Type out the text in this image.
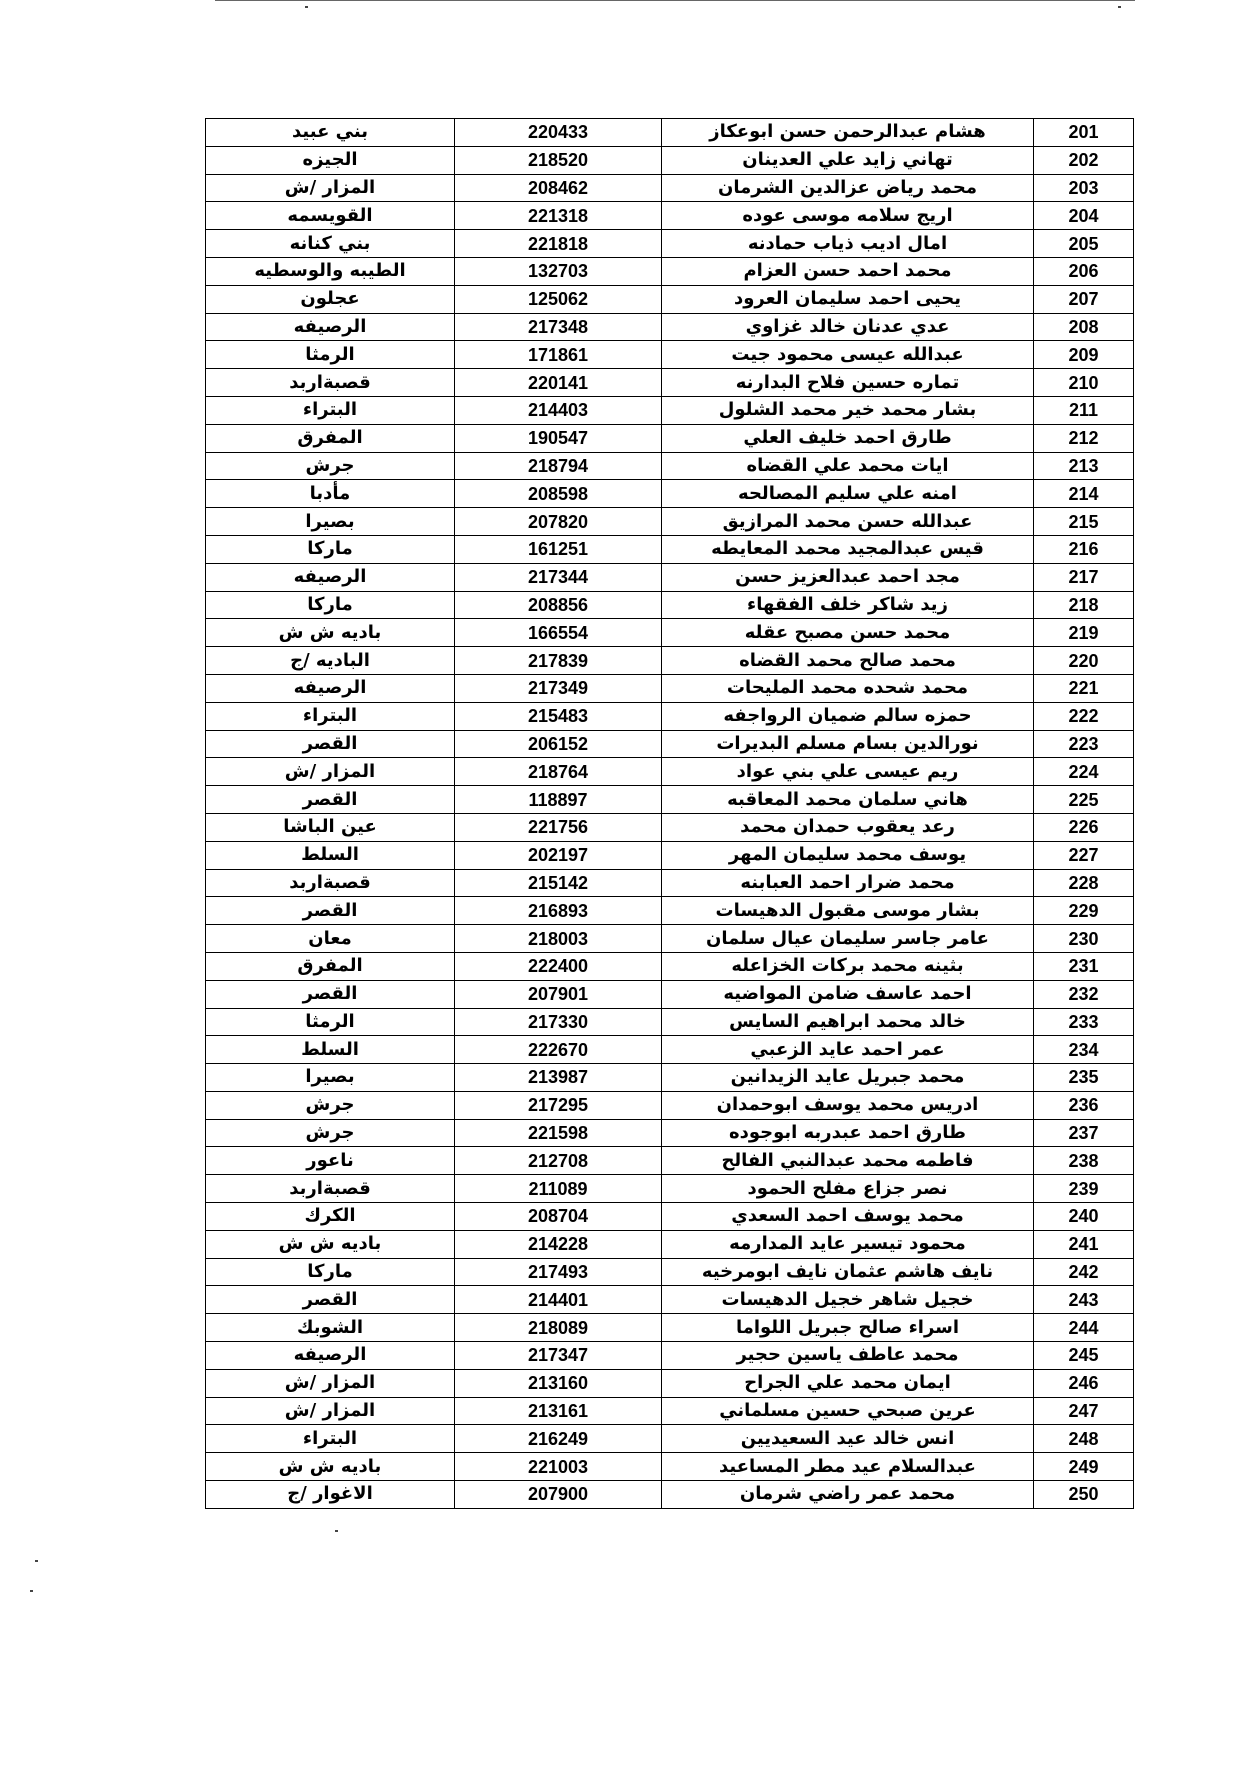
بني عبيد	220433	هشام عبدالرحمن حسن ابوعكاز	201
الجيزه	218520	تهاني زايد علي العدينان	202
المزار /ش	208462	محمد رياض عزالدين الشرمان	203
القويسمه	221318	اريج سلامه موسى عوده	204
بني كنانه	221818	امال اديب ذياب حمادنه	205
الطيبه والوسطيه	132703	محمد احمد حسن العزام	206
عجلون	125062	يحيى احمد سليمان العرود	207
الرصيفه	217348	عدي عدنان خالد غزاوي	208
الرمثا	171861	عبدالله عيسى محمود جيت	209
قصبةاربد	220141	تماره حسين فلاح البدارنه	210
البتراء	214403	بشار محمد خير محمد الشلول	211
المفرق	190547	طارق احمد خليف العلي	212
جرش	218794	ايات محمد علي القضاه	213
مأدبا	208598	امنه علي سليم المصالحه	214
بصيرا	207820	عبدالله حسن محمد المرازيق	215
ماركا	161251	قيس عبدالمجيد محمد المعايطه	216
الرصيفه	217344	مجد احمد عبدالعزيز حسن	217
ماركا	208856	زيد شاكر خلف الفقهاء	218
باديه ش ش	166554	محمد حسن مصبح عقله	219
الباديه /ج	217839	محمد صالح محمد القضاه	220
الرصيفه	217349	محمد شحده محمد المليحات	221
البتراء	215483	حمزه سالم ضميان الرواجفه	222
القصر	206152	نورالدين بسام مسلم البديرات	223
المزار /ش	218764	ريم عيسى علي بني عواد	224
القصر	118897	هاني سلمان محمد المعاقبه	225
عين الباشا	221756	رعد يعقوب حمدان محمد	226
السلط	202197	يوسف محمد سليمان المهر	227
قصبةاربد	215142	محمد ضرار احمد العبابنه	228
القصر	216893	بشار موسى مقبول الدهيسات	229
معان	218003	عامر جاسر سليمان عيال سلمان	230
المفرق	222400	بثينه محمد بركات الخزاعله	231
القصر	207901	احمد عاسف ضامن المواضيه	232
الرمثا	217330	خالد محمد ابراهيم السايس	233
السلط	222670	عمر احمد عايد الزعبي	234
بصيرا	213987	محمد جبريل عايد الزيدانين	235
جرش	217295	ادريس محمد يوسف ابوحمدان	236
جرش	221598	طارق احمد عبدربه ابوجوده	237
ناعور	212708	فاطمه محمد عبدالنبي الفالح	238
قصبةاربد	211089	نصر جزاع مفلح الحمود	239
الكرك	208704	محمد يوسف احمد السعدي	240
باديه ش ش	214228	محمود تيسير عايد المدارمه	241
ماركا	217493	نايف هاشم عثمان نايف ابومرخيه	242
القصر	214401	خجيل شاهر خجيل الدهيسات	243
الشوبك	218089	اسراء صالح جبريل اللواما	244
الرصيفه	217347	محمد عاطف ياسين حجير	245
المزار /ش	213160	ايمان محمد علي الجراح	246
المزار /ش	213161	عرين صبحي حسين مسلماني	247
البتراء	216249	انس خالد عيد السعيديين	248
باديه ش ش	221003	عبدالسلام عيد مطر المساعيد	249
الاغوار /ج	207900	محمد عمر راضي شرمان	250
